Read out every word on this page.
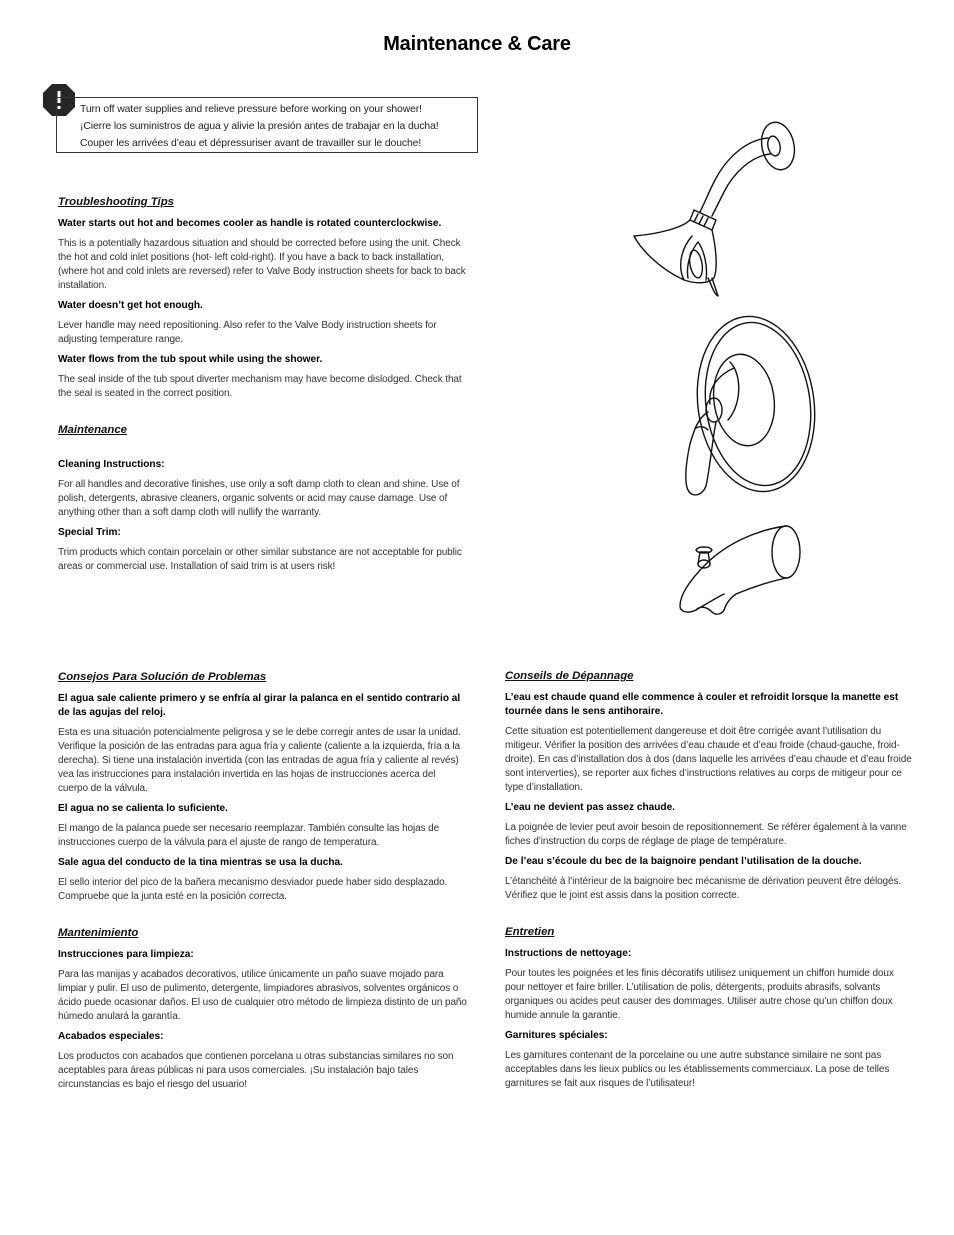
Maintenance & Care
Turn off water supplies and relieve pressure before working on your shower!
¡Cierre los suministros de agua y alivie la presión antes de trabajar en la ducha!
Couper les arrivées d’eau et dépressuriser avant de travailler sur le douche!
Troubleshooting Tips
Water starts out hot and becomes cooler as handle is rotated counterclockwise.
This is a potentially hazardous situation and should be corrected before using the unit. Check the hot and cold inlet positions (hot- left cold-right). If you have a back to back installation, (where hot and cold inlets are reversed) refer to Valve Body instruction sheets for back to back installation.
Water doesn’t get hot enough.
Lever handle may need repositioning. Also refer to the Valve Body instruction sheets for adjusting temperature range.
Water flows from the tub spout while using the shower.
The seal inside of the tub spout diverter mechanism may have become dislodged. Check that the seal is seated in the correct position.
Maintenance
Cleaning Instructions:
For all handles and decorative finishes, use only a soft damp cloth to clean and shine. Use of polish, detergents, abrasive cleaners, organic solvents or acid may cause damage. Use of anything other than a soft damp cloth will nullify the warranty.
Special Trim:
Trim products which contain porcelain or other similar substance are not acceptable for public areas or commercial use. Installation of said trim is at users risk!
Consejos Para Solución de Problemas
El agua sale caliente primero y se enfría al girar la palanca en el sentido contrario al de las agujas del reloj.
Esta es una situación potencialmente peligrosa y se le debe corregir antes de usar la unidad. Verifique la posición de las entradas para agua fría y caliente (caliente a la izquierda, fría a la derecha). Si tiene una instalación invertida (con las entradas de agua fría y caliente al revés) vea las instrucciones para instalación invertida en las hojas de instrucciones acerca del cuerpo de la válvula.
El agua no se calienta lo suficiente.
El mango de la palanca puede ser necesario reemplazar. También consulte las hojas de instrucciones cuerpo de la válvula para el ajuste de rango de temperatura.
Sale agua del conducto de la tina mientras se usa la ducha.
El sello interior del pico de la bañera mecanismo desviador puede haber sido desplazado. Compruebe que la junta esté en la posición correcta.
Mantenimiento
Instrucciones para limpieza:
Para las manijas y acabados decorativos, utilice únicamente un paño suave mojado para limpiar y pulir. El uso de pulimento, detergente, limpiadores abrasivos, solventes orgánicos o ácido puede ocasionar daños. El uso de cualquier otro método de limpieza distinto de un paño húmedo anulará la garantía.
Acabados especiales:
Los productos con acabados que contienen porcelana u otras substancias similares no son aceptables para áreas públicas ni para usos comerciales. ¡Su instalación bajo tales circunstancias es bajo el riesgo del usuario!
Conseils de Dépannage
L’eau est chaude quand elle commence à couler et refroidit lorsque la manette est tournée dans le sens antihoraire.
Cette situation est potentiellement dangereuse et doit être corrigée avant l’utilisation du mitigeur. Vérifier la position des arrivées d’eau chaude et d’eau froide (chaud-gauche, froid-droite). En cas d’installation dos à dos (dans laquelle les arrivées d’eau chaude et d’eau froide sont interverties), se reporter aux fiches d’instructions relatives au corps de mitigeur pour ce type d’installation.
L’eau ne devient pas assez chaude.
La poignée de levier peut avoir besoin de repositionnement. Se référer également à la vanne fiches d’instruction du corps de réglage de plage de température.
De l’eau s’écoule du bec de la baignoire pendant l’utilisation de la douche.
L’étanchéité à l’intérieur de la baignoire bec mécanisme de dérivation peuvent être délogés. Vérifiez que le joint est assis dans la position correcte.
Entretien
Instructions de nettoyage:
Pour toutes les poignées et les finis décoratifs utilisez uniquement un chiffon humide doux pour nettoyer et faire briller. L’utilisation de polis, détergents, produits abrasifs, solvants organiques ou acides peut causer des dommages. Utiliser autre chose qu’un chiffon doux humide annule la garantie.
Garnitures spéciales:
Les garnitures contenant de la porcelaine ou une autre substance similaire ne sont pas acceptables dans les lieux publics ou les établissements commerciaux. La pose de telles garnitures se fait aux risques de l’utilisateur!
